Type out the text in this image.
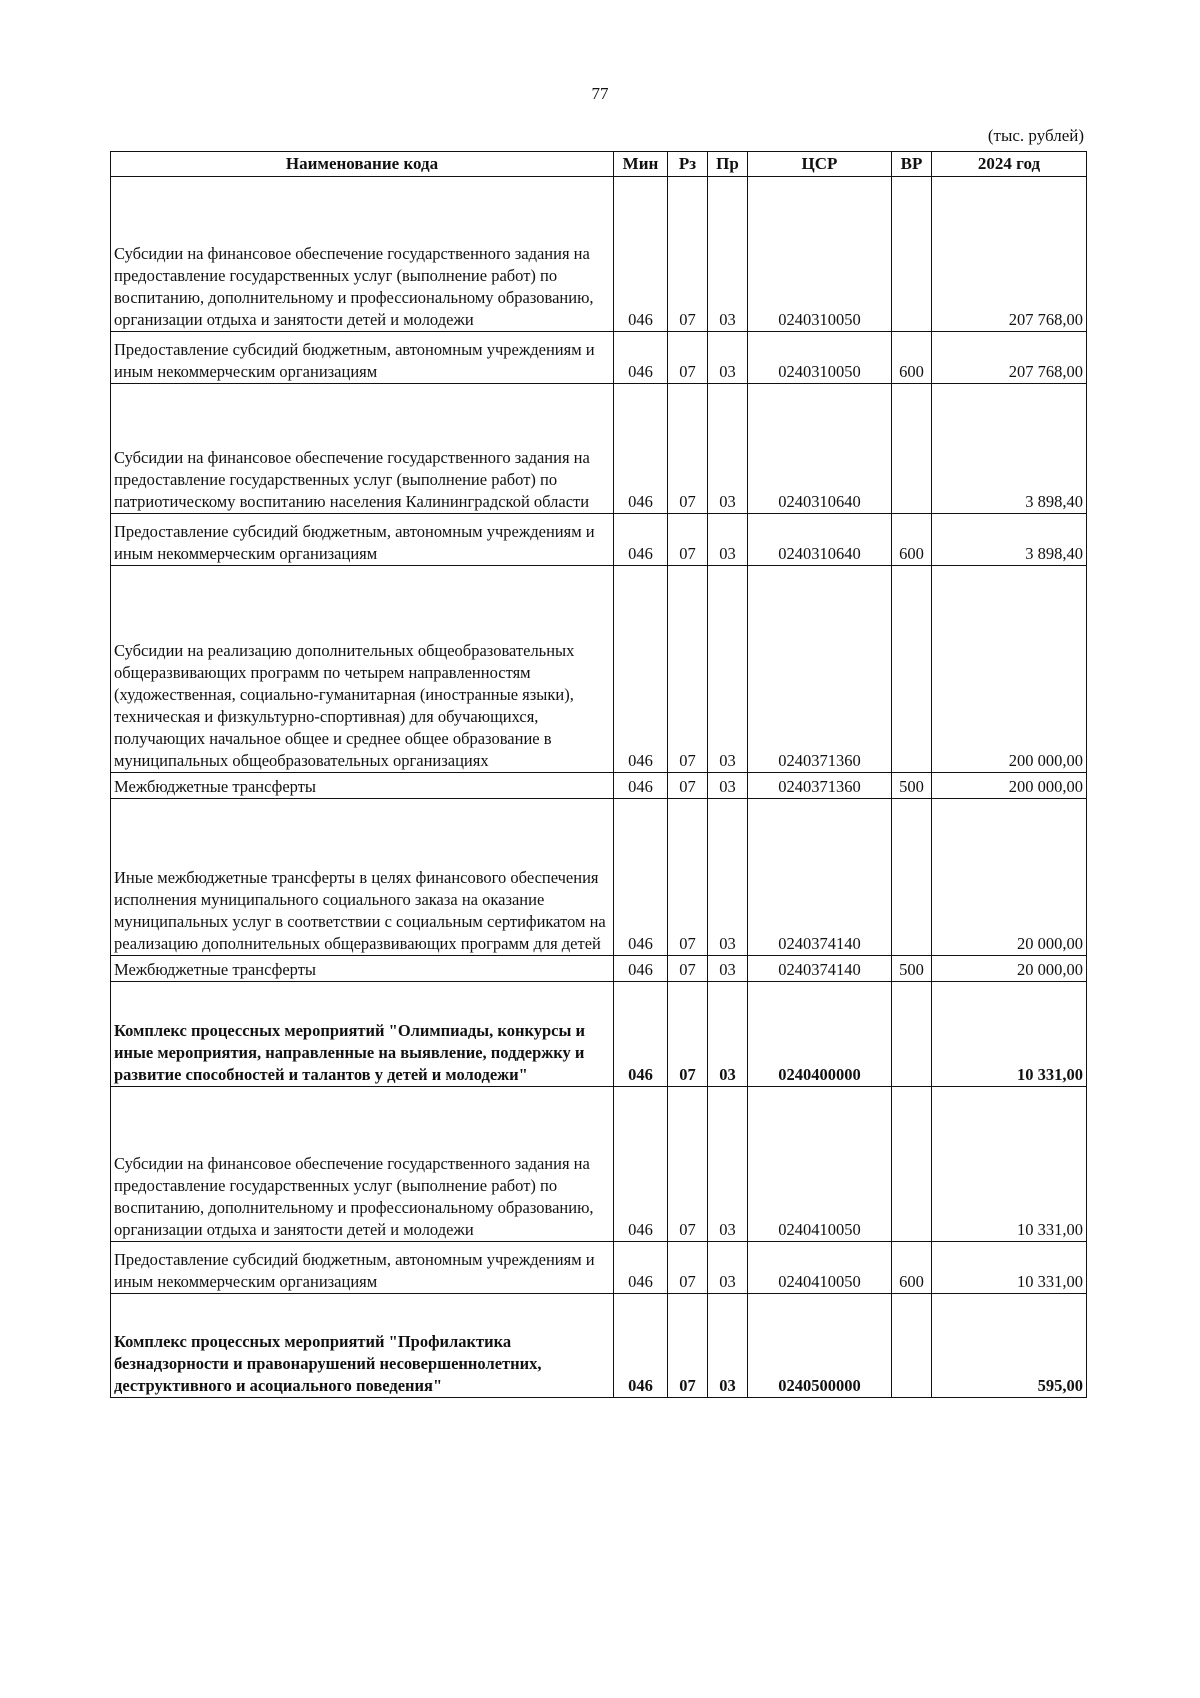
77
(тыс. рублей)
Наименование кода	Мин	Рз	Пр	ЦСР	ВР	2024 год
Субсидии на финансовое обеспечение государственного задания на предоставление государственных услуг (выполнение работ) по воспитанию, дополнительному и профессиональному образованию, организации отдыха и занятости детей и молодежи	046	07	03	0240310050		207 768,00
Предоставление субсидий бюджетным, автономным учреждениям и иным некоммерческим организациям	046	07	03	0240310050	600	207 768,00
Субсидии на финансовое обеспечение государственного задания на предоставление государственных услуг (выполнение работ) по патриотическому воспитанию населения Калининградской области	046	07	03	0240310640		3 898,40
Предоставление субсидий бюджетным, автономным учреждениям и иным некоммерческим организациям	046	07	03	0240310640	600	3 898,40
Субсидии на реализацию дополнительных общеобразовательных общеразвивающих программ по четырем направленностям (художественная, социально-гуманитарная (иностранные языки), техническая и физкультурно-спортивная) для обучающихся, получающих начальное общее и среднее общее образование в муниципальных общеобразовательных организациях	046	07	03	0240371360		200 000,00
Межбюджетные трансферты	046	07	03	0240371360	500	200 000,00
Иные межбюджетные трансферты в целях финансового обеспечения исполнения муниципального социального заказа на оказание муниципальных услуг в соответствии с социальным сертификатом на реализацию дополнительных общеразвивающих программ для детей	046	07	03	0240374140		20 000,00
Межбюджетные трансферты	046	07	03	0240374140	500	20 000,00
Комплекс процессных мероприятий "Олимпиады, конкурсы и иные мероприятия, направленные на выявление, поддержку и развитие способностей и талантов у детей и молодежи"	046	07	03	0240400000		10 331,00
Субсидии на финансовое обеспечение государственного задания на предоставление государственных услуг (выполнение работ) по воспитанию, дополнительному и профессиональному образованию, организации отдыха и занятости детей и молодежи	046	07	03	0240410050		10 331,00
Предоставление субсидий бюджетным, автономным учреждениям и иным некоммерческим организациям	046	07	03	0240410050	600	10 331,00
Комплекс процессных мероприятий "Профилактика безнадзорности и правонарушений несовершеннолетних, деструктивного и асоциального поведения"	046	07	03	0240500000		595,00
